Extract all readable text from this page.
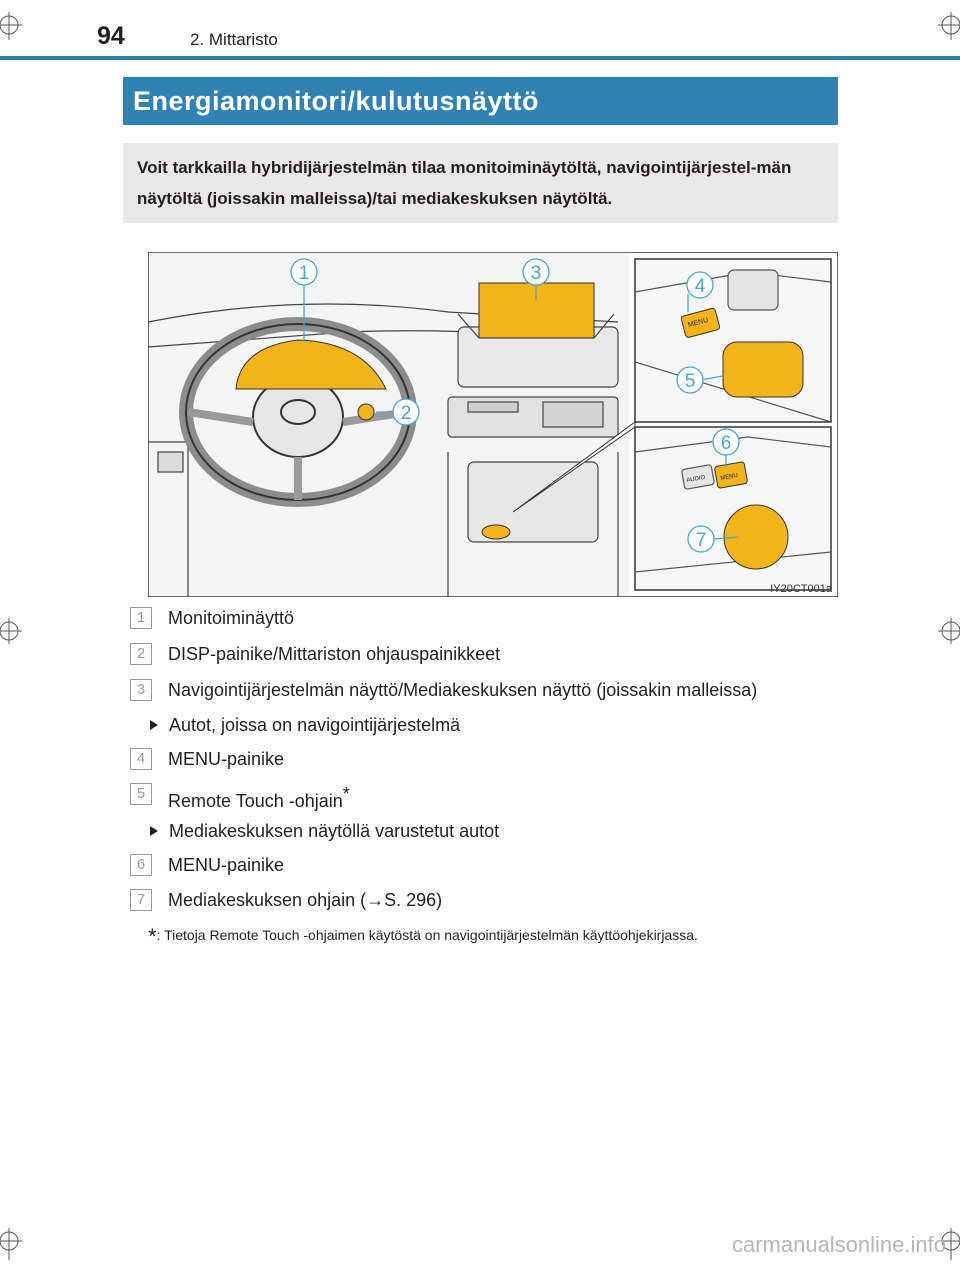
94	2. Mittaristo
Energiamonitori/kulutusnäyttö
Voit tarkkailla hybridijärjestelmän tilaa monitoiminäytöltä, navigointijärjestel-män näytöltä (joissakin malleissa)/tai mediakeskuksen näytöltä.
1
2
3
4
5
6
7
MENU
MENU
AUDIO
IY20CT001a
1	Monitoiminäyttö
2	DISP-painike/Mittariston ohjauspainikkeet
3	Navigointijärjestelmän näyttö/Mediakeskuksen näyttö (joissakin malleissa)
Autot, joissa on navigointijärjestelmä
4	MENU-painike
5	Remote Touch -ohjain*
Mediakeskuksen näytöllä varustetut autot
6	MENU-painike
7	Mediakeskuksen ohjain (→S. 296)
*: Tietoja Remote Touch -ohjaimen käytöstä on navigointijärjestelmän käyttöohjekirjassa.
carmanualsonline.info
